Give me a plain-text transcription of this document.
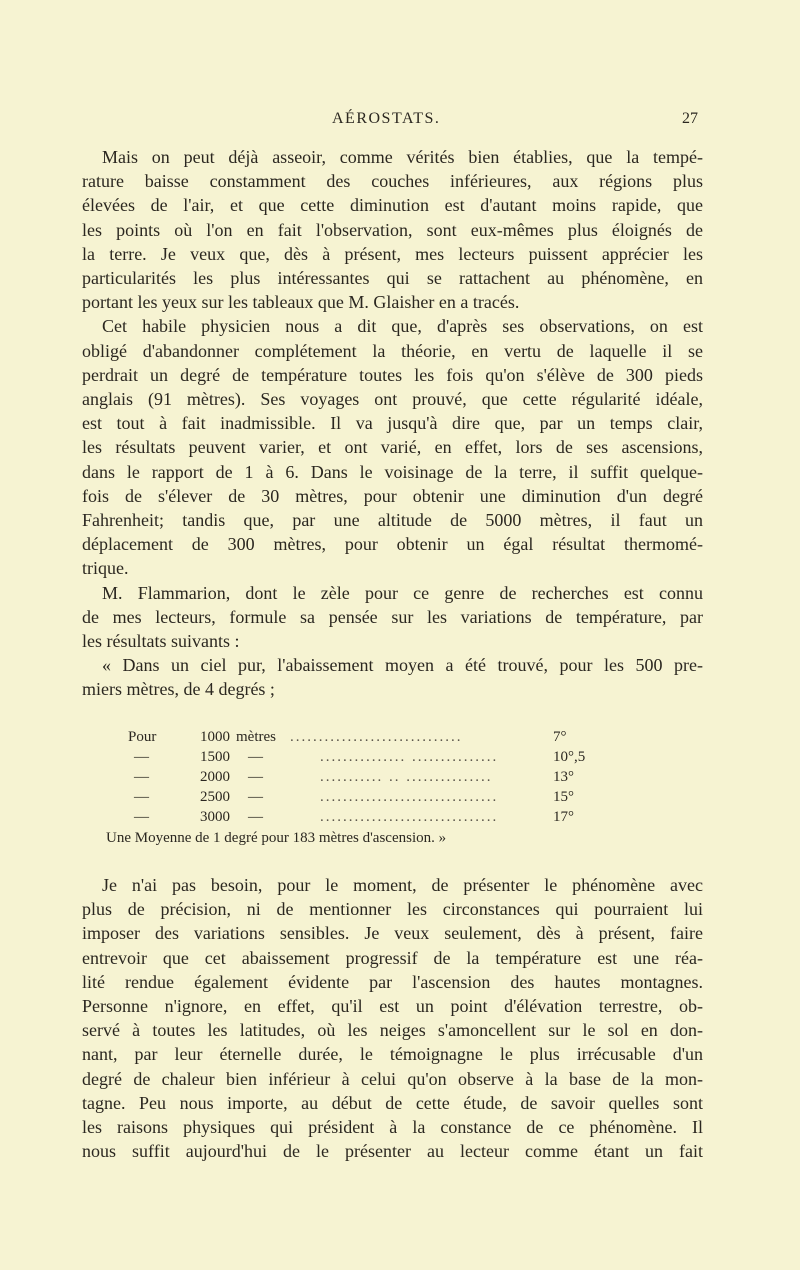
AÉROSTATS.	27
Mais on peut déjà asseoir, comme vérités bien établies, que la tempé-
rature baisse constamment des couches inférieures, aux régions plus
élevées de l'air, et que cette diminution est d'autant moins rapide, que
les points où l'on en fait l'observation, sont eux-mêmes plus éloignés de
la terre. Je veux que, dès à présent, mes lecteurs puissent apprécier les
particularités les plus intéressantes qui se rattachent au phénomène, en
portant les yeux sur les tableaux que M. Glaisher en a tracés.
Cet habile physicien nous a dit que, d'après ses observations, on est
obligé d'abandonner complétement la théorie, en vertu de laquelle il se
perdrait un degré de température toutes les fois qu'on s'élève de 300 pieds
anglais (91 mètres). Ses voyages ont prouvé, que cette régularité idéale,
est tout à fait inadmissible. Il va jusqu'à dire que, par un temps clair,
les résultats peuvent varier, et ont varié, en effet, lors de ses ascensions,
dans le rapport de 1 à 6. Dans le voisinage de la terre, il suffit quelque-
fois de s'élever de 30 mètres, pour obtenir une diminution d'un degré
Fahrenheit; tandis que, par une altitude de 5000 mètres, il faut un
déplacement de 300 mètres, pour obtenir un égal résultat thermomé-
trique.
M. Flammarion, dont le zèle pour ce genre de recherches est connu
de mes lecteurs, formule sa pensée sur les variations de température, par
les résultats suivants :
« Dans un ciel pur, l'abaissement moyen a été trouvé, pour les 500 pre-
miers mètres, de 4 degrés ;
Pour	1000 mètres ..............................	7°
—	1500 —	............... ...............	10°,5
—	2000 —	........... .. ...............	13°
—	2500 —	...............................	15°
—	3000 —	...............................	17°
Une Moyenne de 1 degré pour 183 mètres d'ascension. »
Je n'ai pas besoin, pour le moment, de présenter le phénomène avec
plus de précision, ni de mentionner les circonstances qui pourraient lui
imposer des variations sensibles. Je veux seulement, dès à présent, faire
entrevoir que cet abaissement progressif de la température est une réa-
lité rendue également évidente par l'ascension des hautes montagnes.
Personne n'ignore, en effet, qu'il est un point d'élévation terrestre, ob-
servé à toutes les latitudes, où les neiges s'amoncellent sur le sol en don-
nant, par leur éternelle durée, le témoignagne le plus irrécusable d'un
degré de chaleur bien inférieur à celui qu'on observe à la base de la mon-
tagne. Peu nous importe, au début de cette étude, de savoir quelles sont
les raisons physiques qui président à la constance de ce phénomène. Il
nous suffit aujourd'hui de le présenter au lecteur comme étant un fait
